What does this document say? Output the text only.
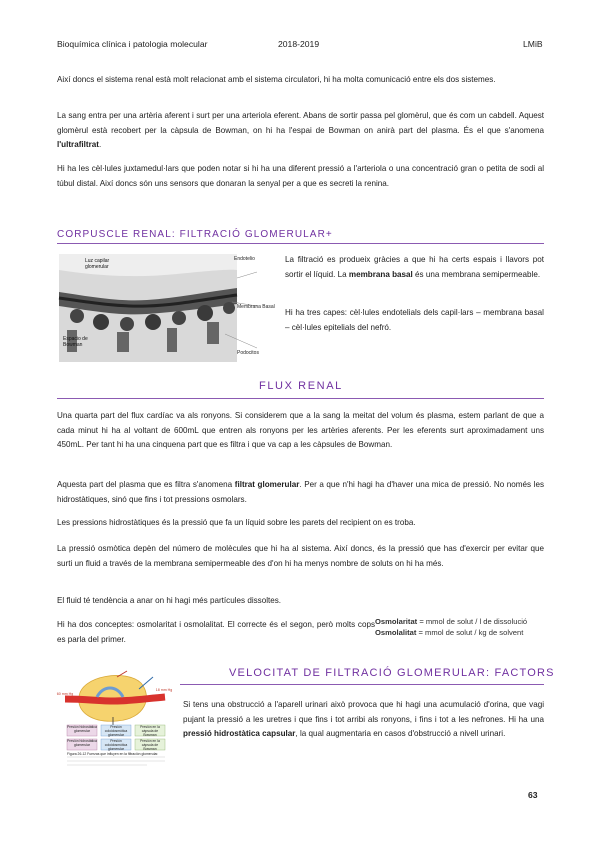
Bioquímica clínica i patologia molecular	2018-2019	LMiB

Així doncs el sistema renal està molt relacionat amb el sistema circulatori, hi ha molta comunicació entre els dos sistemes.

La sang entra per una artèria aferent i surt per una arteriola eferent. Abans de sortir passa pel glomèrul, que és com un cabdell. Aquest glomèrul està recobert per la càpsula de Bowman, on hi ha l'espai de Bowman on anirà part del plasma. És el que s'anomena l'ultrafiltrat.

Hi ha les cèl·lules juxtamedul·lars que poden notar si hi ha una diferent pressió a l'arteriola o una concentració gran o petita de sodi al túbul distal. Així doncs són uns sensors que donaran la senyal per a que es secreti la renina.

CORPUSCLE RENAL: FILTRACIÓ GLOMERULAR+
Luz capilar glomerular
Endotelio
Espacio de Bowman
Membrana Basal
Podocitos

La filtració es produeix gràcies a que hi ha certs espais i llavors pot sortir el líquid. La membrana basal és una membrana semipermeable.

Hi ha tres capes: cèl·lules endotelials dels capil·lars – membrana basal – cèl·lules epitelials del nefró.

FLUX RENAL

Una quarta part del flux cardíac va als ronyons. Si considerem que a la sang la meitat del volum és plasma, estem parlant de que a cada minut hi ha al voltant de 600mL que entren als ronyons per les artèries aferents. Per les eferents surt aproximadament uns 450mL. Per tant hi ha una cinquena part que es filtra i que va cap a les càpsules de Bowman.

Aquesta part del plasma que es filtra s'anomena filtrat glomerular. Per a que n'hi hagi ha d'haver una mica de pressió. No només les hidrostàtiques, sinó que fins i tot pressions osmolars.

Les pressions hidrostàtiques és la pressió que fa un líquid sobre les parets del recipient on es troba.

La pressió osmòtica depèn del número de molècules que hi ha al sistema. Així doncs, és la pressió que has d'exercir per evitar que surti un fluid a través de la membrana semipermeable des d'on hi ha menys nombre de soluts on hi ha més.

El fluid té tendència a anar on hi hagi més partícules dissoltes.

Hi ha dos conceptes: osmolaritat i osmolalitat. El correcte és el segon, però molts cops es parla del primer.

Osmolaritat = mmol de solut / l de dissolució
Osmolalitat = mmol de solut / kg de solvent
VELOCITAT DE FILTRACIÓ GLOMERULAR: FACTORS
60 mm Hg
18 mm Hg
Presión hidrostática glomerular
Presión coloidosmótica glomerular
Presión en la cápsula de Bowman
Presión hidrostática glomerular
Presión coloidosmótica glomerular
Presión en la cápsula de Bowman
Figura 26-12 Fuerzas que influyen en la filtración glomerular.

Si tens una obstrucció a l'aparell urinari això provoca que hi hagi una acumulació d'orina, que vagi pujant la pressió a les uretres i que fins i tot arribi als ronyons, i fins i tot a les nefrones. Hi ha una pressió hidrostàtica capsular, la qual augmentaria en casos d'obstrucció a nivell urinari.

63
